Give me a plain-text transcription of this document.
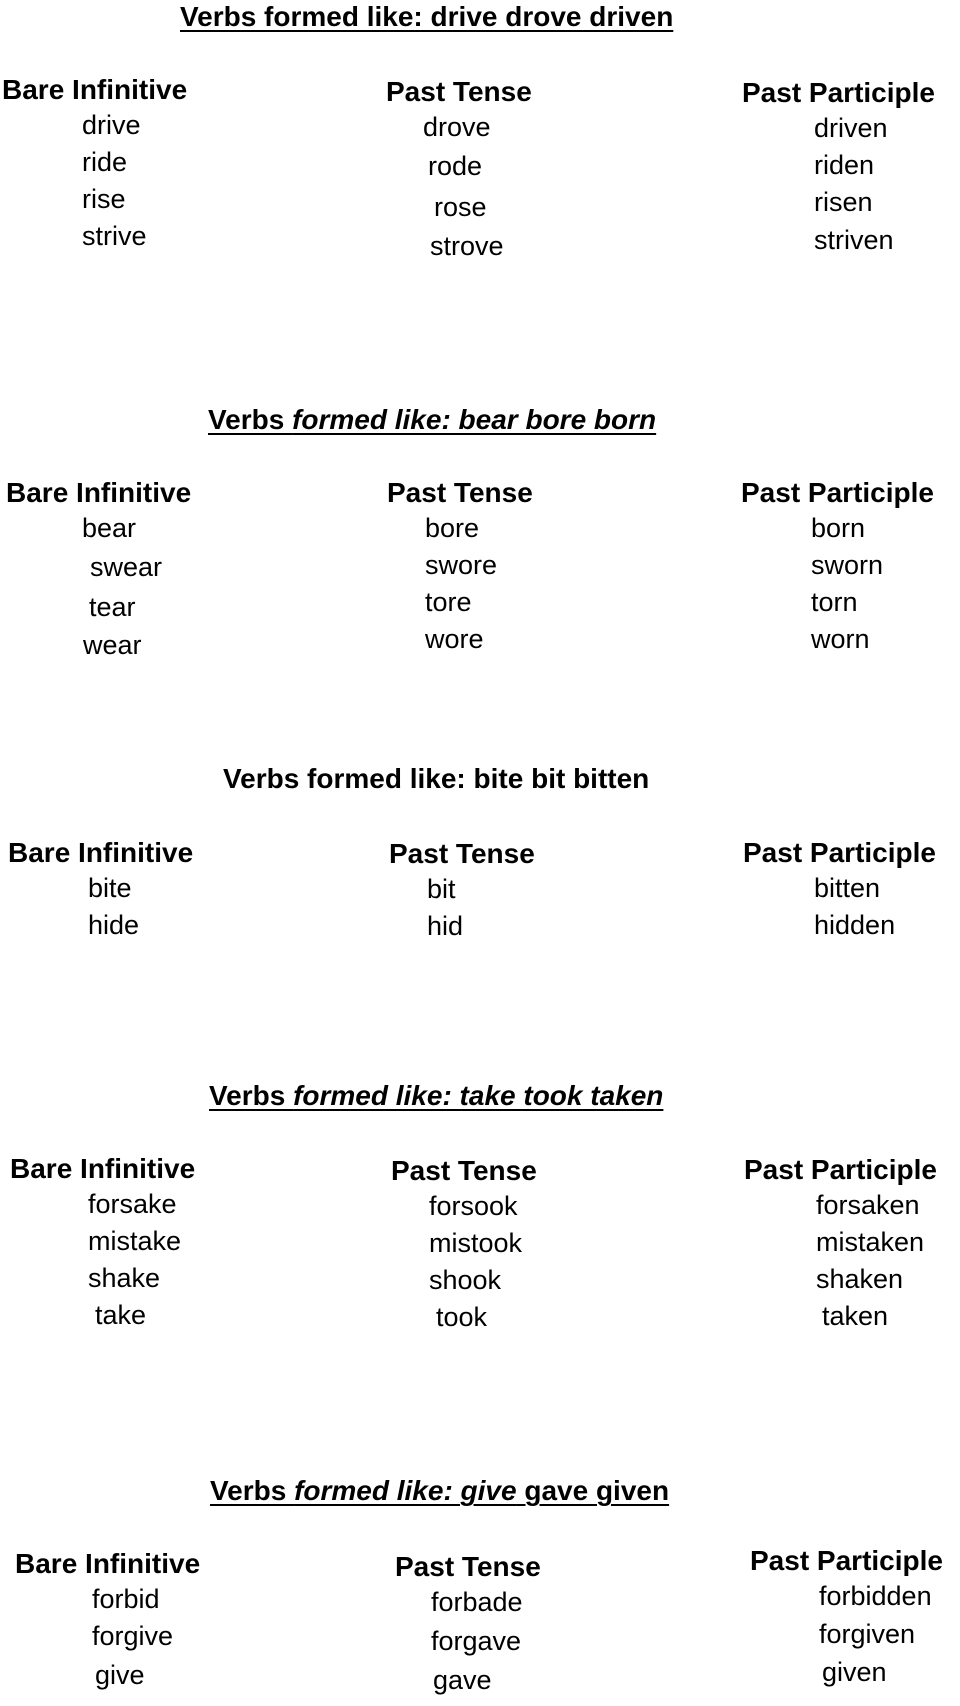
Verbs formed like: drive drove driven
Bare Infinitive
drive
ride
rise
strive
Past Tense
drove
rode
rose
strove
Past Participle
driven
riden
risen
striven
Verbs formed like: bear bore born
Bare Infinitive
bear
swear
tear
wear
Past Tense
bore
swore
tore
wore
Past Participle
born
sworn
torn
worn
Verbs formed like: bite bit bitten
Bare Infinitive
bite
hide
Past Tense
bit
hid
Past Participle
bitten
hidden
Verbs formed like: take took taken
Bare Infinitive
forsake
mistake
shake
take
Past Tense
forsook
mistook
shook
took
Past Participle
forsaken
mistaken
shaken
taken
Verbs formed like: give gave given
Bare Infinitive
forbid
forgive
give
Past Tense
forbade
forgave
gave
Past Participle
forbidden
forgiven
given
